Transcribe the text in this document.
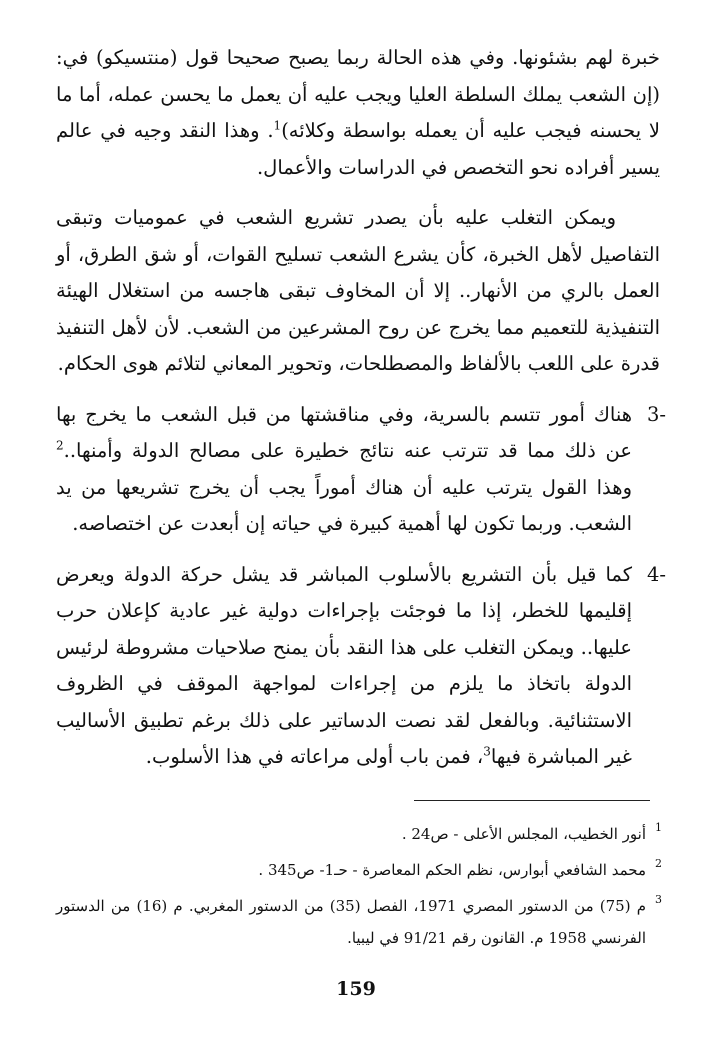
خبرة لهم بشئونها. وفي هذه الحالة ربما يصبح صحيحا قول (منتسيكو) في: (إن الشعب يملك السلطة العليا ويجب عليه أن يعمل ما يحسن عمله، أما ما لا يحسنه فيجب عليه أن يعمله بواسطة وكلائه)$^1$. وهذا النقد وجيه في عالم يسير أفراده نحو التخصص في الدراسات والأعمال.

ويمكن التغلب عليه بأن يصدر تشريع الشعب في عموميات وتبقى التفاصيل لأهل الخبرة، كأن يشرع الشعب تسليح القوات، أو شق الطرق، أو العمل بالري من الأنهار.. إلا أن المخاوف تبقى هاجسه من استغلال الهيئة التنفيذية للتعميم مما يخرج عن روح المشرعين من الشعب. لأن لأهل التنفيذ قدرة على اللعب بالألفاظ والمصطلحات، وتحوير المعاني لتلائم هوى الحكام.

3-
هناك أمور تتسم بالسرية، وفي مناقشتها من قبل الشعب ما يخرج بها عن ذلك مما قد تترتب عنه نتائج خطيرة على مصالح الدولة وأمنها..$^2$ وهذا القول يترتب عليه أن هناك أموراً يجب أن يخرج تشريعها من يد الشعب. وربما تكون لها أهمية كبيرة في حياته إن أبعدت عن اختصاصه.
4-
كما قيل بأن التشريع بالأسلوب المباشر قد يشل حركة الدولة ويعرض إقليمها للخطر، إذا ما فوجئت بإجراءات دولية غير عادية كإعلان حرب عليها.. ويمكن التغلب على هذا النقد بأن يمنح صلاحيات مشروطة لرئيس الدولة باتخاذ ما يلزم من إجراءات لمواجهة الموقف في الظروف الاستثنائية. وبالفعل لقد نصت الدساتير على ذلك برغم تطبيق الأساليب غير المباشرة فيها$^3$، فمن باب أولى مراعاته في هذا الأسلوب.

1
أنور الخطيب، المجلس الأعلى - ص24 .

2
محمد الشافعي أبوارس، نظم الحكم المعاصرة - حـ1- ص345 .

3
م (75) من الدستور المصري 1971، الفصل (35) من الدستور المغربي. م (16) من الدستور الفرنسي 1958 م. القانون رقم 91/21 في ليبيا.

159
